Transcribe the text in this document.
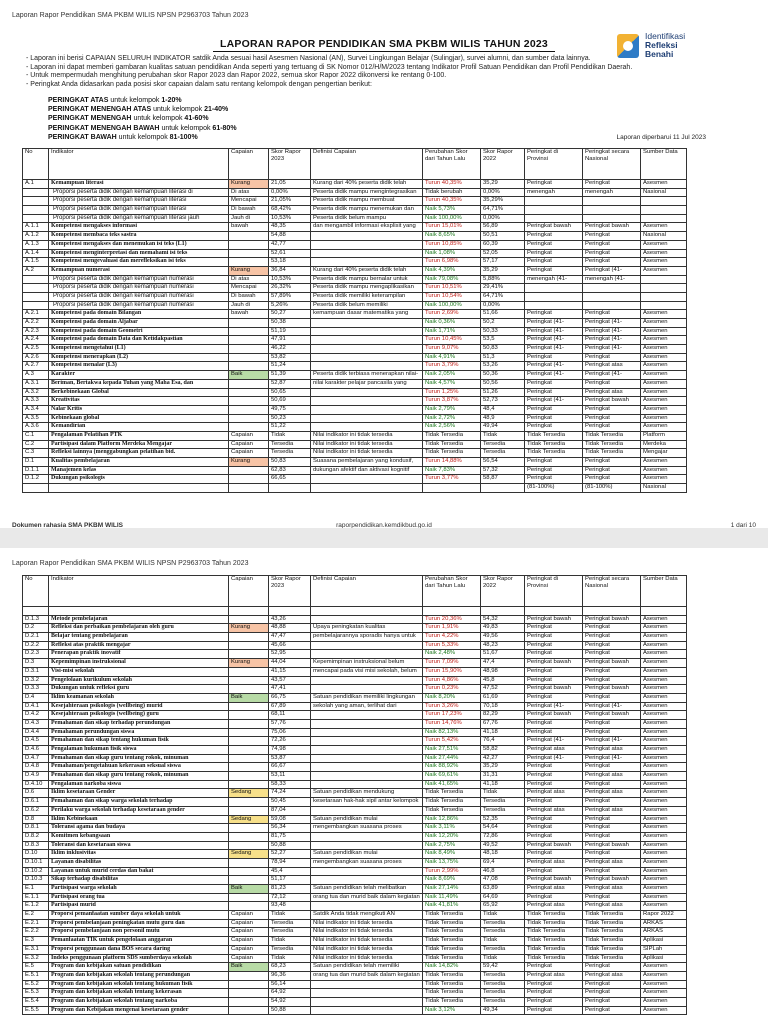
Laporan Rapor Pendidikan SMA PKBM WILIS NPSN P2963703 Tahun 2023
LAPORAN RAPOR PENDIDIKAN SMA PKBM WILIS TAHUN 2023
Identifikasi
Refleksi
Benahi
- Laporan ini berisi CAPAIAN SELURUH INDIKATOR satdik Anda sesuai hasil Asesmen Nasional (AN), Survei Lingkungan Belajar (Sulingjar), survei alumni, dan sumber data lainnya.
- Laporan ini dapat memberi gambaran kualitas satuan pendidikan Anda seperti yang tertuang di SK Nomor 012/H/M/2023 tentang Indikator Profil Satuan Pendidikan dan Profil Pendidikan Daerah.
- Untuk mempermudah menghitung perubahan skor Rapor 2023 dan Rapor 2022, semua skor Rapor 2022 dikonversi ke rentang 0-100.
- Peringkat Anda didasarkan pada posisi skor capaian dalam satu rentang kelompok dengan pengertian berikut:
PERINGKAT ATAS untuk kelompok 1-20%
PERINGKAT MENENGAH ATAS untuk kelompok 21-40%
PERINGKAT MENENGAH untuk kelompok 41-60%
PERINGKAT MENENGAH BAWAH untuk kelompok 61-80%
PERINGKAT BAWAH untuk kelompok 81-100%	Laporan diperbarui 11 Jul 2023
No	Indikator	Capaian	Skor Rapor 2023	Definisi Capaian	Perubahan Skor dari Tahun Lalu	Skor Rapor 2022	Peringkat di Provinsi	Peringkat secara Nasional	Sumber Data
A.1	Kemampuan literasi	Kurang	21,05	Kurang dari 40% peserta didik telah	Turun 40,35%	35,29	Peringkat	Peringkat	Asesmen
	Proporsi peserta didik dengan kemampuan literasi di	Di atas	0,00%	Peserta didik mampu mengintegrasikan	Tidak berubah	0,00%	menengah	menengah	Nasional
	Proporsi peserta didik dengan kemampuan literasi	Mencapai	21,05%	Peserta didik mampu membuat	Turun 40,35%	35,29%			
	Proporsi peserta didik dengan kemampuan literasi	Di bawah	68,42%	Peserta didik mampu menemukan dan	Naik 5,73%	64,71%			
	Proporsi peserta didik dengan kemampuan literasi jauh	Jauh di	10,53%	Peserta didik belum mampu	Naik 100,00%	0,00%			
A.1.1	Kompetensi mengakses informasi	bawah	48,35	dan mengambil informasi eksplisit yang	Turun 15,01%	56,89	Peringkat bawah	Peringkat bawah	Asesmen
A.1.2	Kompetensi membaca teks sastra		54,88		Naik 8,65%	50,51	Peringkat	Peringkat	Nasional
A.1.3	Kompetensi mengakses dan menemukan isi teks (L1)		42,77		Turun 10,85%	60,39	Peringkat	Peringkat	Asesmen
A.1.4	Kompetensi menginterpretasi dan memahami isi teks		52,61		Naik 1,08%	52,05	Peringkat	Peringkat	Asesmen
A.1.5	Kompetensi mengevaluasi dan merefleksikan isi teks		53,18		Turun 6,98%	57,17	Peringkat	Peringkat	Asesmen
A.2	Kemampuan numerasi	Kurang	36,84	Kurang dari 40% peserta didik telah	Naik 4,39%	35,29	Peringkat	Peringkat (41-	Asesmen
	Proporsi peserta didik dengan kemampuan numerasi	Di atas	10,53%	Peserta didik mampu bernalar untuk	Naik 79,08%	5,88%	menengah (41-	menengah (41-	
	Proporsi peserta didik dengan kemampuan numerasi	Mencapai	26,32%	Peserta didik mampu mengaplikasikan	Turun 10,51%	29,41%			
	Proporsi peserta didik dengan kemampuan numerasi	Di bawah	57,89%	Peserta didik memiliki keterampilan	Turun 10,54%	64,71%			
	Proporsi peserta didik dengan kemampuan numerasi	Jauh di	5,26%	Peserta didik belum memiliki	Naik 100,00%	0,00%			
A.2.1	Kompetensi pada domain Bilangan	bawah	50,27	kemampuan dasar matematika yang	Turun 2,69%	51,66	Peringkat	Peringkat	Asesmen
A.2.2	Kompetensi pada domain Aljabar		50,38		Naik 0,36%	50,2	Peringkat (41-	Peringkat (41-	Asesmen
A.2.3	Kompetensi pada domain Geometri		51,19		Naik 1,71%	50,33	Peringkat (41-	Peringkat (41-	Asesmen
A.2.4	Kompetensi pada domain Data dan Ketidakpastian		47,91		Turun 10,45%	53,5	Peringkat (41-	Peringkat (41-	Asesmen
A.2.5	Kompetensi mengetahui (L1)		46,22		Turun 9,07%	50,83	Peringkat (41-	Peringkat (41-	Asesmen
A.2.6	Kompetensi menerapkan (L2)		53,82		Naik 4,91%	51,3	Peringkat	Peringkat	Asesmen
A.2.7	Kompetensi menalar (L3)		51,24		Turun 3,79%	53,26	Peringkat (41-	Peringkat atas	Asesmen
A.3	Karakter	Baik	51,39	Peserta didik terbiasa menerapkan nilai-	Naik 2,05%	50,36	Peringkat (41-	Peringkat (41-	Asesmen
A.3.1	Beriman, Bertakwa kepada Tuhan yang Maha Esa, dan		52,87	nilai karakter pelajar pancasila yang	Naik 4,57%	50,56	Peringkat	Peringkat	Asesmen
A.3.2	Berkebinekaan Global		50,65		Turun 1,25%	51,26	Peringkat	Peringkat atas	Asesmen
A.3.3	Kreativitas		50,69		Turun 3,87%	52,73	Peringkat (41-	Peringkat bawah	Asesmen
A.3.4	Nalar Kritis		49,75		Naik 2,79%	48,4	Peringkat	Peringkat	Asesmen
A.3.5	Kebinekaan global		50,23		Naik 2,72%	48,9	Peringkat	Peringkat	Asesmen
A.3.6	Kemandirian		51,22		Naik 2,56%	49,94	Peringkat	Peringkat	Asesmen
C.1	Pengalaman Pelatihan PTK	Capaian	Tidak	Nilai indikator ini tidak tersedia	Tidak Tersedia	Tidak	Tidak Tersedia	Tidak Tersedia	Platform
C.2	Partisipasi dalam Platform Merdeka Mengajar	Capaian	Tersedia	Nilai indikator ini tidak tersedia	Tidak Tersedia	Tersedia	Tidak Tersedia	Tidak Tersedia	Merdeka
C.3	Refleksi lainnya (menggabungkan pelatihan bid.	Capaian	Tersedia	Nilai indikator ini tidak tersedia	Tidak Tersedia	Tersedia	Tidak Tersedia	Tidak Tersedia	Mengajar
D.1	Kualitas pembelajaran	Kurang	50,83	Suasana pembelajaran yang kondusif,	Turun 14,88%	56,54	Peringkat	Peringkat	Asesmen
D.1.1	Manajemen kelas		62,83	dukungan afektif dan aktivasi kognitif	Naik 7,83%	57,32	Peringkat	Peringkat	Asesmen
D.1.2	Dukungan psikologis		66,65		Turun 3,77%	58,87	Peringkat	Peringkat	Asesmen
							(81-100%)	(81-100%)	Nasional
Dokumen rahasia SMA PKBM WILIS	raporpendidikan.kemdikbud.go.id	1 dari 10
Laporan Rapor Pendidikan SMA PKBM WILIS NPSN P2963703 Tahun 2023
No	Indikator	Capaian	Skor Rapor 2023	Definisi Capaian	Perubahan Skor dari Tahun Lalu	Skor Rapor 2022	Peringkat di Provinsi	Peringkat secara Nasional	Sumber Data

D.1.3	Metode pembelajaran		43,26		Turun 20,36%	54,32	Peringkat bawah	Peringkat bawah	Asesmen
D.2	Refleksi dan perbaikan pembelajaran oleh guru	Kurang	48,88	Upaya peningkatan kualitas	Turun 1,91%	49,83	Peringkat	Peringkat	Asesmen
D.2.1	Belajar tentang pembelajaran		47,47	pembelajarannya sporadis hanya untuk	Turun 4,22%	49,56	Peringkat	Peringkat	Asesmen
D.2.2	Refleksi atas praktik mengajar		45,66		Turun 5,33%	48,23	Peringkat	Peringkat	Asesmen
D.2.3	Penerapan praktik inovatif		52,95		Naik 2,48%	51,67	Peringkat	Peringkat	Asesmen
D.3	Kepemimpinan instruksional	Kurang	44,04	Kepemimpinan instruksional belum	Turun 7,09%	47,4	Peringkat bawah	Peringkat bawah	Asesmen
D.3.1	Visi-misi sekolah		41,15	mencapai pada visi misi sekolah, belum	Turun 15,90%	48,98	Peringkat	Peringkat	Asesmen
D.3.2	Pengelolaan kurikulum sekolah		43,57		Turun 4,86%	45,8	Peringkat	Peringkat	Asesmen
D.3.3	Dukungan untuk refleksi guru		47,41		Turun 0,23%	47,52	Peringkat bawah	Peringkat bawah	Asesmen
D.4	Iklim keamanan sekolah	Baik	66,75	Satuan pendidikan memiliki lingkungan	Naik 8,20%	61,69	Peringkat	Peringkat	Asesmen
D.4.1	Kesejahteraan psikologis (wellbeing) murid		67,89	sekolah yang aman, terlihat dari	Turun 3,26%	70,18	Peringkat (41-	Peringkat (41-	Asesmen
D.4.2	Kesejahteraan psikologis (wellbeing) guru		68,11		Turun 17,23%	82,29	Peringkat bawah	Peringkat bawah	Asesmen
D.4.3	Pemahaman dan sikap terhadap perundungan		57,76		Turun 14,76%	67,76	Peringkat	Peringkat	Asesmen
D.4.4	Pemahaman perundungan siswa		75,06		Naik 82,13%	41,18	Peringkat	Peringkat	Asesmen
D.4.5	Pemahaman dan sikap tentang hukuman fisik		72,26		Turun 5,42%	76,4	Peringkat (41-	Peringkat (41-	Asesmen
D.4.6	Pengalaman hukuman fisik siswa		74,98		Naik 27,51%	58,82	Peringkat atas	Peringkat atas	Asesmen
D.4.7	Pemahaman dan sikap guru tentang rokok, minuman		53,87		Naik 27,44%	42,27	Peringkat (41-	Peringkat (41-	Asesmen
D.4.8	Pemahaman/pengetahuan kekerasan seksual siswa		66,67		Naik 88,92%	35,29	Peringkat	Peringkat	Asesmen
D.4.9	Pemahaman dan sikap guru tentang rokok, minuman		53,11		Naik 69,61%	31,31	Peringkat	Peringkat atas	Asesmen
D.4.10	Pengalaman narkoba siswa		58,33		Naik 41,65%	41,18	Peringkat	Peringkat	Asesmen
D.6	Iklim kesetaraan Gender	Sedang	74,24	Satuan pendidikan mendukung	Tidak Tersedia	Tidak	Peringkat atas	Peringkat atas	Asesmen
D.6.1	Pemahaman dan sikap warga sekolah terhadap		50,45	kesetaraan hak-hak sipil antar kelompok	Tidak Tersedia	Tersedia	Peringkat	Peringkat	Asesmen
D.6.2	Perilaku warga sekolah terhadap kesetaraan gender		87,04		Tidak Tersedia	Tersedia	Peringkat atas	Peringkat atas	Asesmen
D.8	Iklim Kebinekaan	Sedang	59,08	Satuan pendidikan mulai	Naik 12,86%	52,35	Peringkat	Peringkat	Asesmen
D.8.1	Toleransi agama dan budaya		56,34	mengembangkan suasana proses	Naik 3,11%	54,64	Peringkat	Peringkat	Asesmen
D.8.2	Komitmen kebangsaan		81,75		Naik 12,20%	72,86	Peringkat	Peringkat	Asesmen
D.8.3	Toleransi dan kesetaraan siswa		50,88		Naik 2,75%	49,52	Peringkat bawah	Peringkat bawah	Asesmen
D.10	Iklim inklusivitas	Sedang	52,27	Satuan pendidikan mulai	Naik 8,49%	48,18	Peringkat	Peringkat	Asesmen
D.10.1	Layanan disabilitas		78,94	mengembangkan suasana proses	Naik 13,75%	69,4	Peringkat atas	Peringkat atas	Asesmen
D.10.2	Layanan untuk murid cerdas dan bakat		45,4		Turun 2,99%	46,8	Peringkat	Peringkat	Asesmen
D.10.3	Sikap terhadap disabilitas		51,17		Naik 8,69%	47,08	Peringkat bawah	Peringkat bawah	Asesmen
E.1	Partisipasi warga sekolah	Baik	81,23	Satuan pendidikan telah melibatkan	Naik 27,14%	63,89	Peringkat atas	Peringkat atas	Asesmen
E.1.1	Partisipasi orang tua		72,12	orang tua dan murid baik dalam kegiatan	Naik 11,49%	64,69	Peringkat	Peringkat	Asesmen
E.1.2	Partisipasi murid		93,48		Naik 41,81%	65,92	Peringkat atas	Peringkat atas	Asesmen
E.2	Proporsi pemanfaatan sumber daya sekolah untuk	Capaian	Tidak	Satdik Anda tidak mengikuti AN	Tidak Tersedia	Tidak	Tidak Tersedia	Tidak Tersedia	Rapor 2022
E.2.1	Proporsi pembelanjaan peningkatan mutu guru dan	Capaian	Tersedia	Nilai indikator ini tidak tersedia	Tidak Tersedia	Tersedia	Tidak Tersedia	Tidak Tersedia	ARKAS
E.2.2	Proporsi pembelanjaan non personil mutu	Capaian	Tersedia	Nilai indikator ini tidak tersedia	Tidak Tersedia	Tersedia	Tidak Tersedia	Tidak Tersedia	ARKAS
E.3	Pemanfaatan TIK untuk pengelolaan anggaran	Capaian	Tidak	Nilai indikator ini tidak tersedia	Tidak Tersedia	Tidak	Tidak Tersedia	Tidak Tersedia	Aplikasi
E.3.1	Proporsi penggunaan dana BOS secara daring	Capaian	Tersedia	Nilai indikator ini tidak tersedia	Tidak Tersedia	Tersedia	Tidak Tersedia	Tidak Tersedia	SIPLah
E.3.2	Indeks penggunaan platform SDS sumberdaya sekolah	Capaian	Tidak	Nilai indikator ini tidak tersedia	Tidak Tersedia	Tidak	Tidak Tersedia	Tidak Tersedia	Aplikasi
E.5	Program dan kebijakan satuan pendidikan	Baik	68,23	Satuan pendidikan telah memiliki	Naik 14,82%	59,42	Peringkat	Peringkat	Asesmen
E.5.1	Program dan kebijakan sekolah tentang perundungan		96,36	orang tua dan murid baik dalam kegiatan	Tidak Tersedia	Tersedia	Peringkat atas	Peringkat atas	Asesmen
E.5.2	Program dan kebijakan sekolah tentang hukuman fisik		56,14		Tidak Tersedia	Tersedia	Peringkat	Peringkat	Asesmen
E.5.3	Program dan kebijakan sekolah tentang kekerasan		64,92		Tidak Tersedia	Tersedia	Peringkat	Peringkat	Asesmen
E.5.4	Program dan kebijakan sekolah tentang narkoba		54,92		Tidak Tersedia	Tersedia	Peringkat	Peringkat	Asesmen
E.5.5	Program dan Kebijakan mengenai kesetaraan gender		50,88		Naik 3,12%	49,34	Peringkat	Peringkat	Asesmen
